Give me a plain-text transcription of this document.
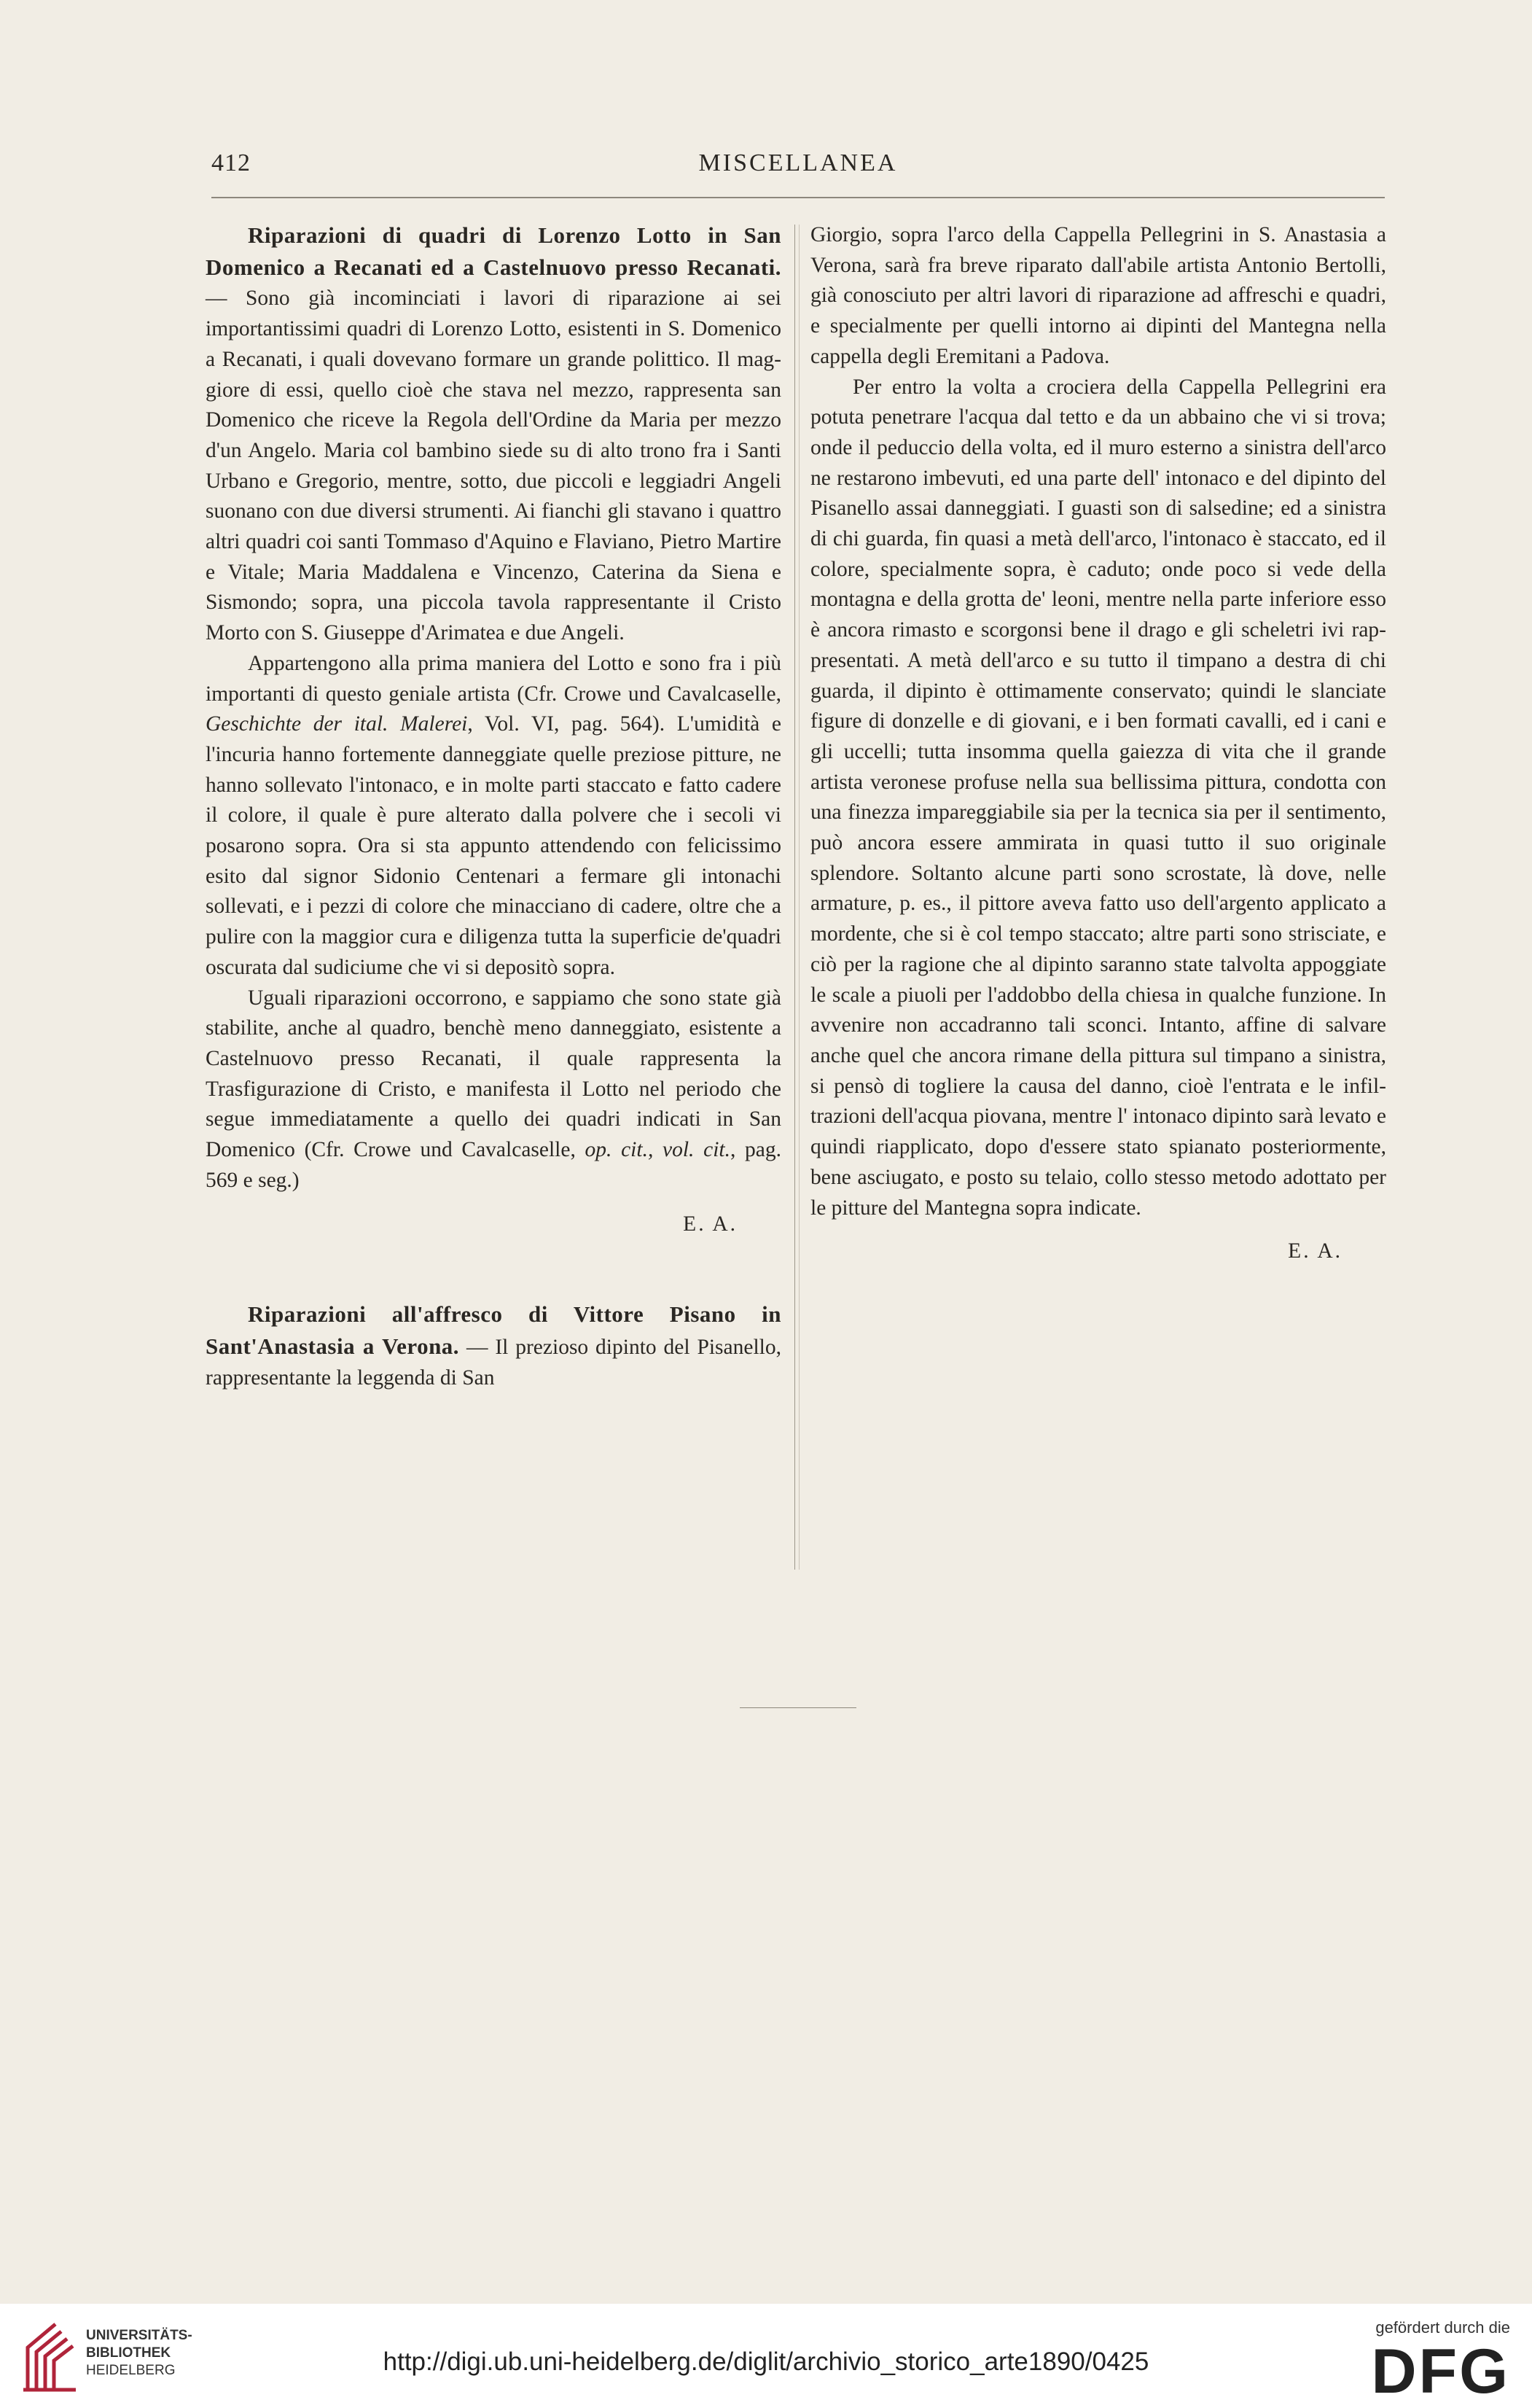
412	MISCELLANEA

Riparazioni di quadri di Lorenzo Lotto in San Domenico a Recanati ed a Castelnuovo presso Recanati. — Sono già incominciati i lavori di riparazione ai sei importantissimi quadri di Lorenzo Lotto, esistenti in S. Domenico a Recanati, i quali dovevano formare un grande polittico. Il maggiore di essi, quello cioè che stava nel mezzo, rappresenta san Domenico che riceve la Regola dell'Ordine da Maria per mezzo d'un Angelo. Maria col bambino siede su di alto trono fra i Santi Urbano e Gregorio, mentre, sotto, due piccoli e leggiadri Angeli suonano con due diversi strumenti. Ai fianchi gli stavano i quattro altri quadri coi santi Tommaso d'Aquino e Flaviano, Pietro Martire e Vitale; Maria Maddalena e Vincenzo, Caterina da Siena e Sismondo; sopra, una piccola tavola rappresentante il Cristo Morto con S. Giuseppe d'Arimatea e due Angeli.

Appartengono alla prima maniera del Lotto e sono fra i più importanti di questo geniale artista (Cfr. Crowe und Cavalcaselle, Geschichte der ital. Malerei, Vol. VI, pag. 564). L'umidità e l'incuria hanno fortemente danneggiate quelle preziose pitture, ne hanno sollevato l'intonaco, e in molte parti staccato e fatto cadere il colore, il quale è pure alterato dalla polvere che i secoli vi posarono sopra. Ora si sta appunto attendendo con felicissimo esito dal signor Sidonio Centenari a fermare gli intonachi sollevati, e i pezzi di colore che minacciano di cadere, oltre che a pulire con la maggior cura e diligenza tutta la superficie de'quadri oscurata dal sudiciume che vi si depositò sopra.

Uguali riparazioni occorrono, e sappiamo che sono state già stabilite, anche al quadro, benchè meno danneggiato, esistente a Castelnuovo presso Recanati, il quale rappresenta la Trasfigurazione di Cristo, e manifesta il Lotto nel periodo che segue immediatamente a quello dei quadri indicati in San Domenico (Cfr. Crowe und Cavalcaselle, op. cit., vol. cit., pag. 569 e seg.)

E. A.

Riparazioni all'affresco di Vittore Pisano in Sant'Anastasia a Verona. — Il prezioso dipinto del Pisanello, rappresentante la leggenda di San

Giorgio, sopra l'arco della Cappella Pellegrini in S. Anastasia a Verona, sarà fra breve riparato dall'abile artista Antonio Bertolli, già conosciuto per altri lavori di riparazione ad affreschi e quadri, e specialmente per quelli intorno ai dipinti del Mantegna nella cappella degli Eremitani a Padova.

Per entro la volta a crociera della Cappella Pellegrini era potuta penetrare l'acqua dal tetto e da un abbaino che vi si trova; onde il peduccio della volta, ed il muro esterno a sinistra dell'arco ne restarono imbevuti, ed una parte dell' intonaco e del dipinto del Pisanello assai danneggiati. I guasti son di salsedine; ed a sinistra di chi guarda, fin quasi a metà dell'arco, l'intonaco è staccato, ed il colore, specialmente sopra, è caduto; onde poco si vede della montagna e della grotta de' leoni, mentre nella parte inferiore esso è ancora rimasto e scorgonsi bene il drago e gli scheletri ivi rappresentati. A metà dell'arco e su tutto il timpano a destra di chi guarda, il dipinto è ottimamente conservato; quindi le slanciate figure di donzelle e di giovani, e i ben formati cavalli, ed i cani e gli uccelli; tutta insomma quella gaiezza di vita che il grande artista veronese profuse nella sua bellissima pittura, condotta con una finezza impareggiabile sia per la tecnica sia per il sentimento, può ancora essere ammirata in quasi tutto il suo originale splendore. Soltanto alcune parti sono scrostate, là dove, nelle armature, p. es., il pittore aveva fatto uso dell'argento applicato a mordente, che si è col tempo staccato; altre parti sono strisciate, e ciò per la ragione che al dipinto saranno state talvolta appoggiate le scale a piuoli per l'addobbo della chiesa in qualche funzione. In avvenire non accadranno tali sconci. Intanto, affine di salvare anche quel che ancora rimane della pittura sul timpano a sinistra, si pensò di togliere la causa del danno, cioè l'entrata e le infiltrazioni dell'acqua piovana, mentre l' intonaco dipinto sarà levato e quindi riapplicato, dopo d'essere stato spianato posteriormente, bene asciugato, e posto su telaio, collo stesso metodo adottato per le pitture del Mantegna sopra indicate.

E. A.

UNIVERSITÄTS-
BIBLIOTHEK
HEIDELBERG	http://digi.ub.uni-heidelberg.de/diglit/archivio_storico_arte1890/0425
gefördert durch die
DFG
